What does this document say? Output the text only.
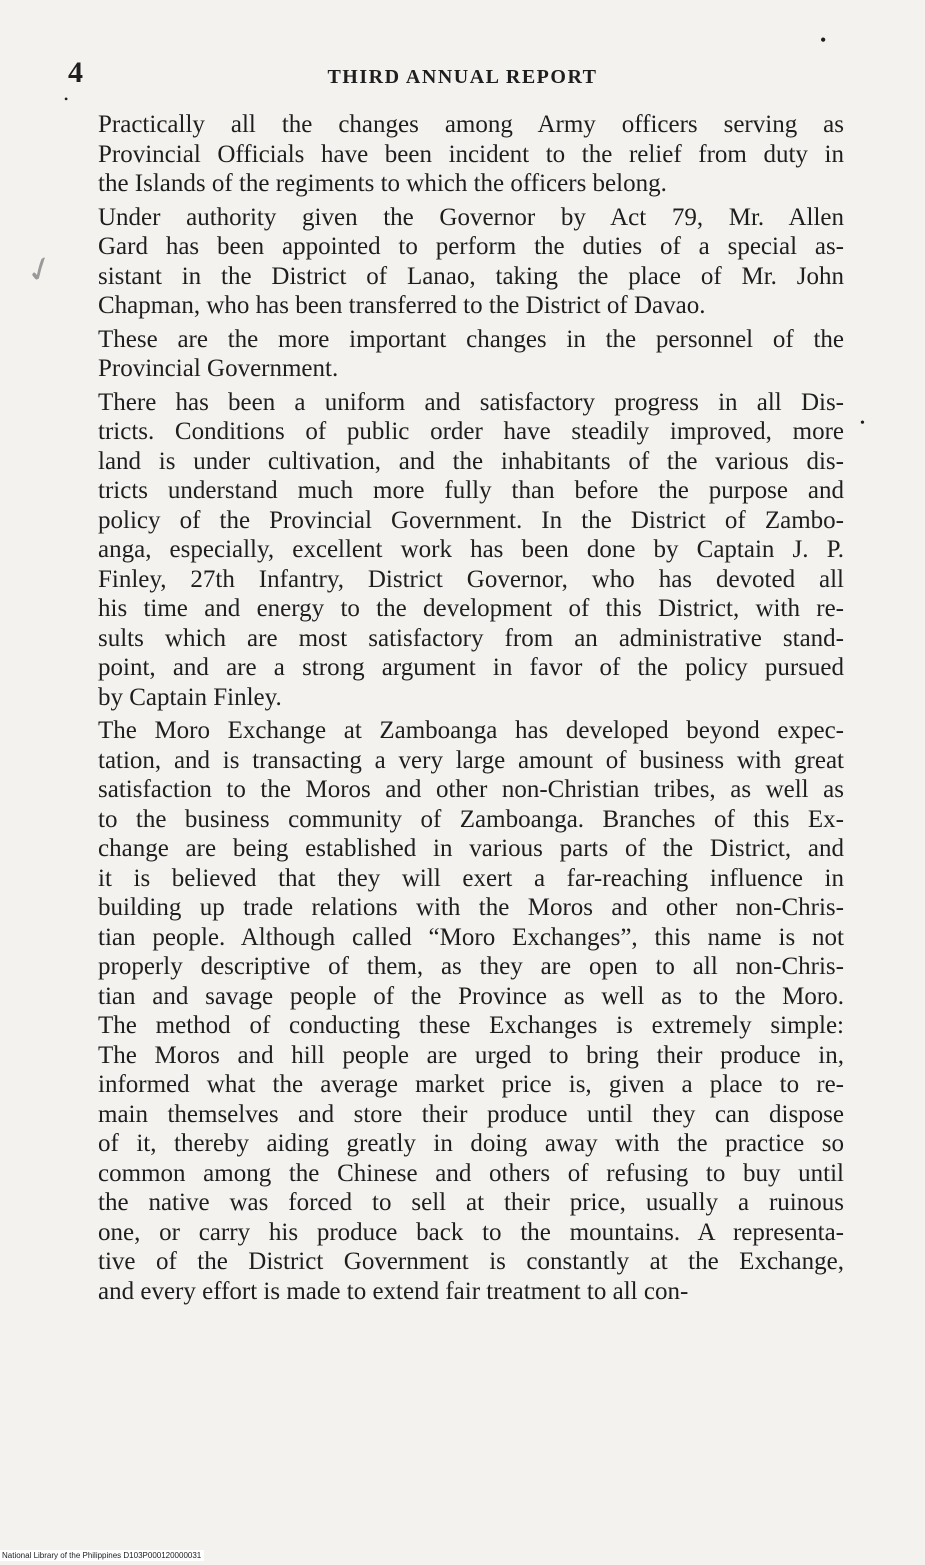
•
4	THIRD ANNUAL REPORT
•
✓
•
Practically all the changes among Army officers serving as
Provincial Officials have been incident to the relief from duty in
the Islands of the regiments to which the officers belong.
Under authority given the Governor by Act 79, Mr. Allen
Gard has been appointed to perform the duties of a special as-
sistant in the District of Lanao, taking the place of Mr. John
Chapman, who has been transferred to the District of Davao.
These are the more important changes in the personnel of the
Provincial Government.
There has been a uniform and satisfactory progress in all Dis-
tricts. Conditions of public order have steadily improved, more
land is under cultivation, and the inhabitants of the various dis-
tricts understand much more fully than before the purpose and
policy of the Provincial Government. In the District of Zambo-
anga, especially, excellent work has been done by Captain J. P.
Finley, 27th Infantry, District Governor, who has devoted all
his time and energy to the development of this District, with re-
sults which are most satisfactory from an administrative stand-
point, and are a strong argument in favor of the policy pursued
by Captain Finley.
The Moro Exchange at Zamboanga has developed beyond expec-
tation, and is transacting a very large amount of business with great
satisfaction to the Moros and other non-Christian tribes, as well as
to the business community of Zamboanga. Branches of this Ex-
change are being established in various parts of the District, and
it is believed that they will exert a far-reaching influence in
building up trade relations with the Moros and other non-Chris-
tian people. Although called “Moro Exchanges”, this name is not
properly descriptive of them, as they are open to all non-Chris-
tian and savage people of the Province as well as to the Moro.
The method of conducting these Exchanges is extremely simple:
The Moros and hill people are urged to bring their produce in,
informed what the average market price is, given a place to re-
main themselves and store their produce until they can dispose
of it, thereby aiding greatly in doing away with the practice so
common among the Chinese and others of refusing to buy until
the native was forced to sell at their price, usually a ruinous
one, or carry his produce back to the mountains. A representa-
tive of the District Government is constantly at the Exchange,
and every effort is made to extend fair treatment to all con-
National Library of the Philippines D103P000120000031
